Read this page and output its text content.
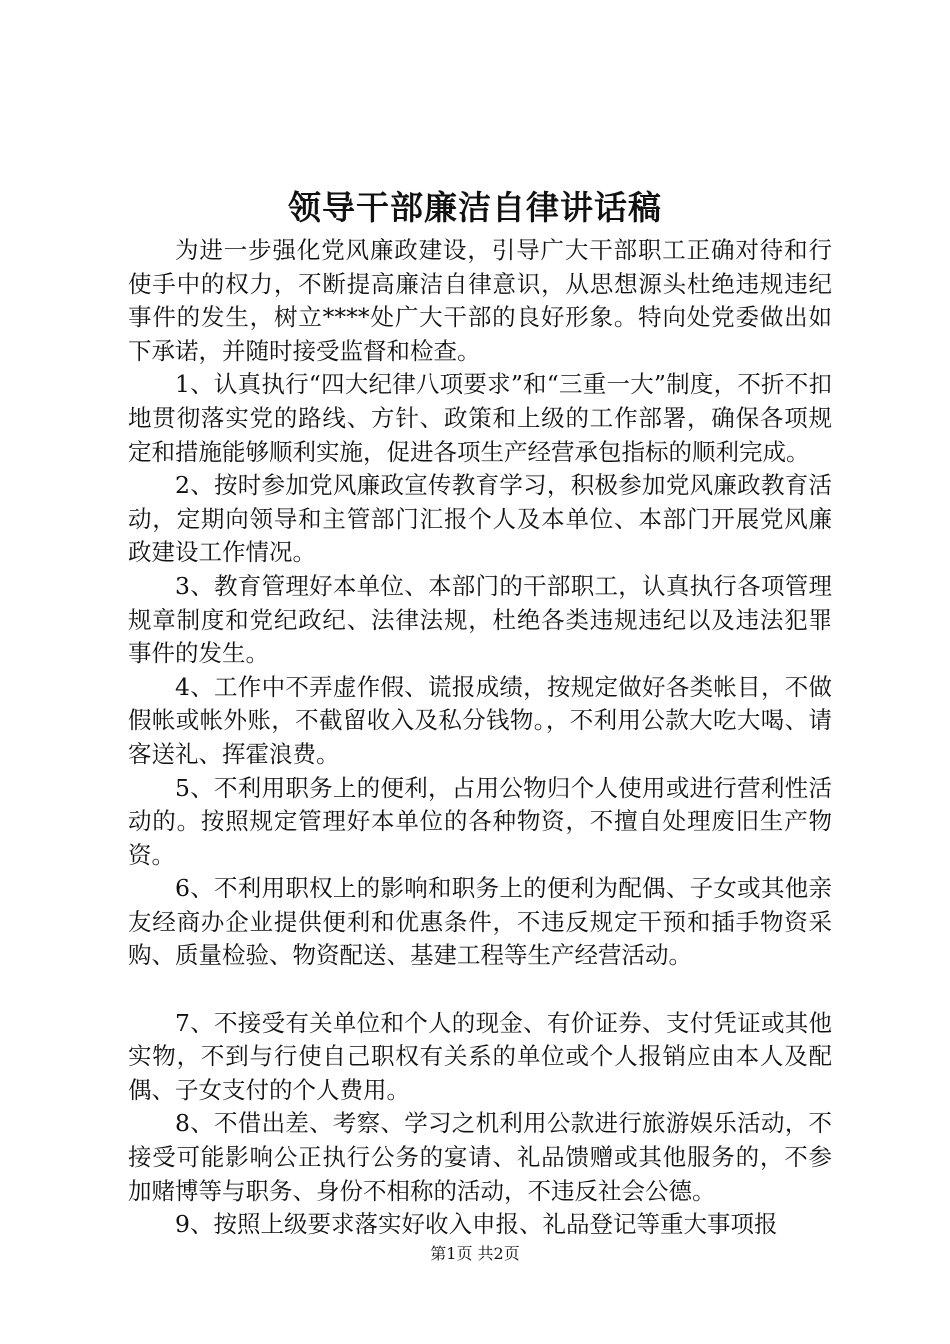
领导干部廉洁自律讲话稿

为进一步强化党风廉政建设，引导广大干部职工正确对待和行使手中的权力，不断提高廉洁自律意识，从思想源头杜绝违规违纪事件的发生，树立****处广大干部的良好形象。特向处党委做出如下承诺，并随时接受监督和检查。

1、认真执行“四大纪律八项要求”和“三重一大”制度，不折不扣地贯彻落实党的路线、方针、政策和上级的工作部署，确保各项规定和措施能够顺利实施，促进各项生产经营承包指标的顺利完成。

2、按时参加党风廉政宣传教育学习，积极参加党风廉政教育活动，定期向领导和主管部门汇报个人及本单位、本部门开展党风廉政建设工作情况。

3、教育管理好本单位、本部门的干部职工，认真执行各项管理规章制度和党纪政纪、法律法规，杜绝各类违规违纪以及违法犯罪事件的发生。

4、工作中不弄虚作假、谎报成绩，按规定做好各类帐目，不做假帐或帐外账，不截留收入及私分钱物。，不利用公款大吃大喝、请客送礼、挥霍浪费。

5、不利用职务上的便利，占用公物归个人使用或进行营利性活动的。按照规定管理好本单位的各种物资，不擅自处理废旧生产物资。

6、不利用职权上的影响和职务上的便利为配偶、子女或其他亲友经商办企业提供便利和优惠条件，不违反规定干预和插手物资采购、质量检验、物资配送、基建工程等生产经营活动。

7、不接受有关单位和个人的现金、有价证券、支付凭证或其他实物，不到与行使自己职权有关系的单位或个人报销应由本人及配偶、子女支付的个人费用。

8、不借出差、考察、学习之机利用公款进行旅游娱乐活动，不接受可能影响公正执行公务的宴请、礼品馈赠或其他服务的，不参加赌博等与职务、身份不相称的活动，不违反社会公德。

9、按照上级要求落实好收入申报、礼品登记等重大事项报

第1页 共2页
